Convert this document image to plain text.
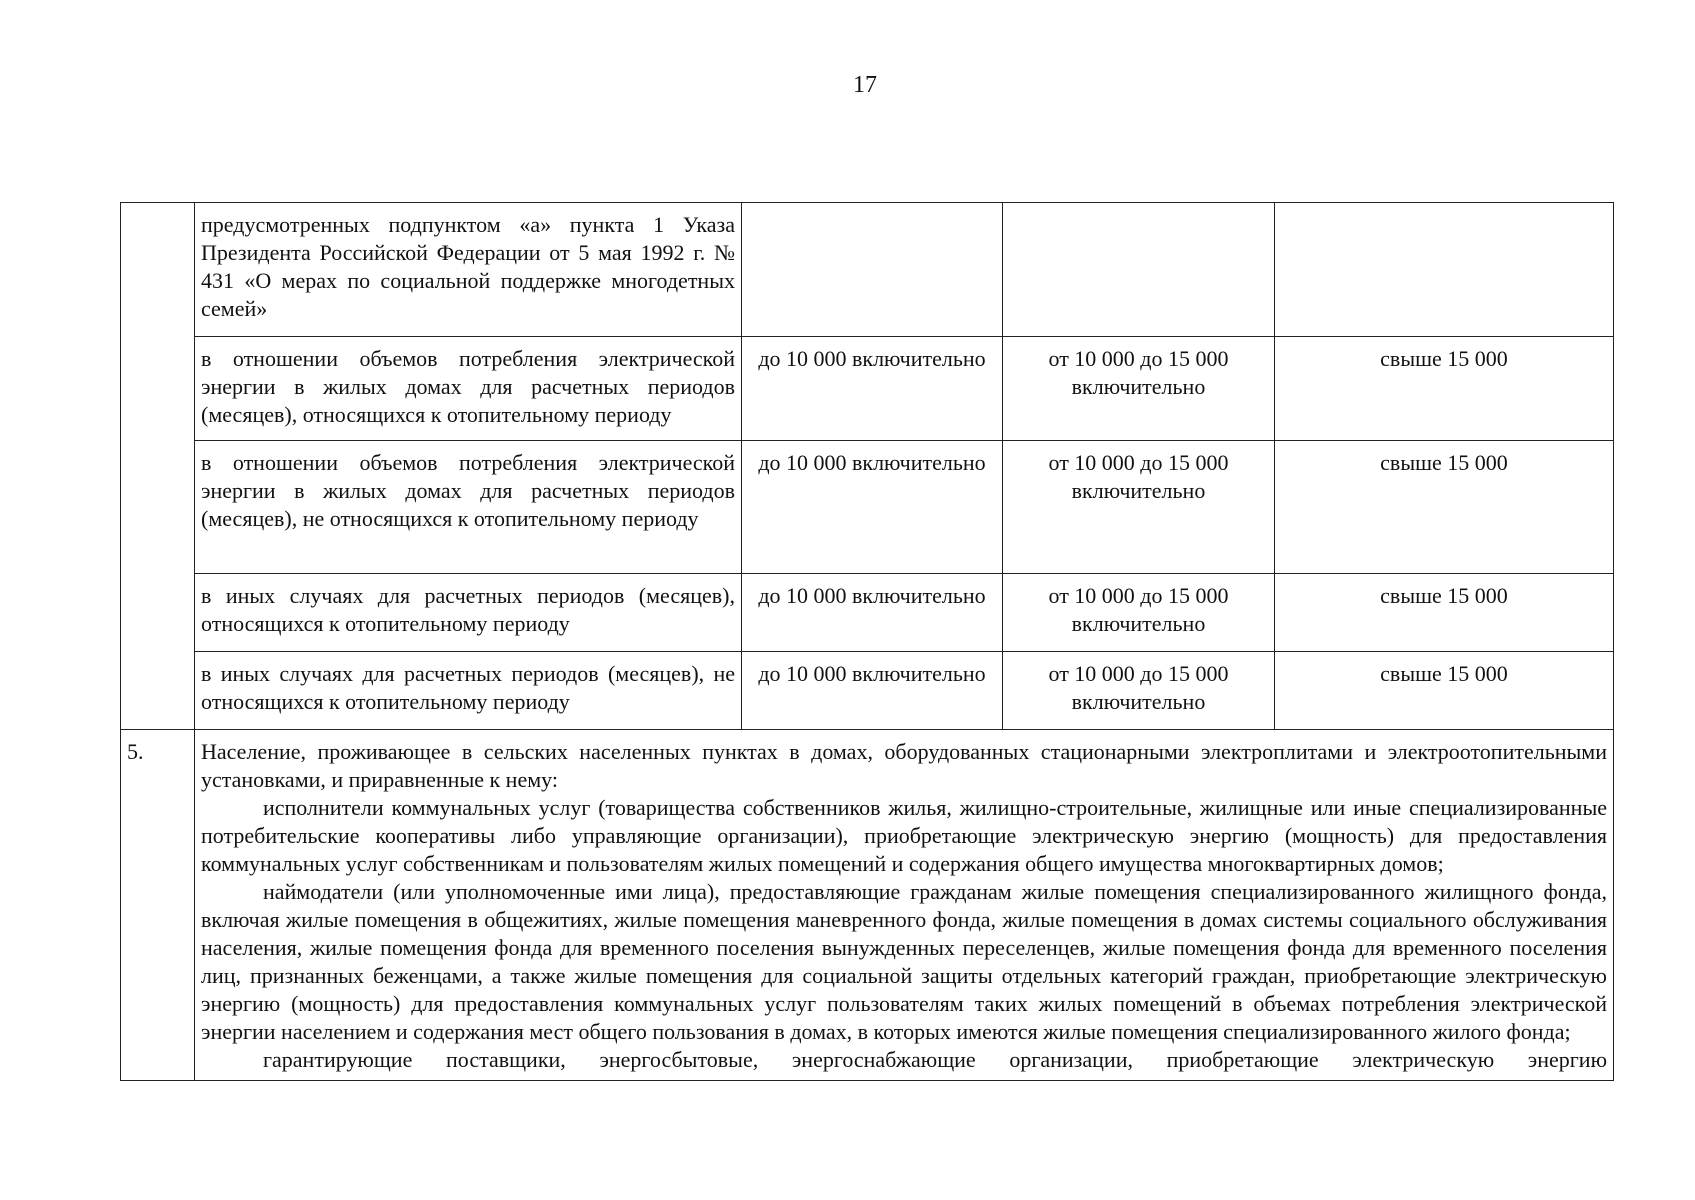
17
	предусмотренных подпунктом «а» пункта 1 Указа Президента Российской Федерации от 5 мая 1992 г. № 431 «О мерах по социальной поддержке многодетных семей»			
	в отношении объемов потребления электрической энергии в жилых домах для расчетных периодов (месяцев), относящихся к отопительному периоду	до 10 000 включительно	от 10 000 до 15 000 включительно	свыше 15 000
	в отношении объемов потребления электрической энергии в жилых домах для расчетных периодов (месяцев), не относящихся к отопительному периоду	до 10 000 включительно	от 10 000 до 15 000 включительно	свыше 15 000
	в иных случаях для расчетных периодов (месяцев), относящихся к отопительному периоду	до 10 000 включительно	от 10 000 до 15 000 включительно	свыше 15 000
	в иных случаях для расчетных периодов (месяцев), не относящихся к отопительному периоду	до 10 000 включительно	от 10 000 до 15 000 включительно	свыше 15 000
5.	Население, проживающее в сельских населенных пунктах в домах, оборудованных стационарными электроплитами и электроотопительными установками, и приравненные к нему:

исполнители коммунальных услуг (товарищества собственников жилья, жилищно-строительные, жилищные или иные специализированные потребительские кооперативы либо управляющие организации), приобретающие электрическую энергию (мощность) для предоставления коммунальных услуг собственникам и пользователям жилых помещений и содержания общего имущества многоквартирных домов;

наймодатели (или уполномоченные ими лица), предоставляющие гражданам жилые помещения специализированного жилищного фонда, включая жилые помещения в общежитиях, жилые помещения маневренного фонда, жилые помещения в домах системы социального обслуживания населения, жилые помещения фонда для временного поселения вынужденных переселенцев, жилые помещения фонда для временного поселения лиц, признанных беженцами, а также жилые помещения для социальной защиты отдельных категорий граждан, приобретающие электрическую энергию (мощность) для предоставления коммунальных услуг пользователям таких жилых помещений в объемах потребления электрической энергии населением и содержания мест общего пользования в домах, в которых имеются жилые помещения специализированного жилого фонда;

гарантирующие поставщики, энергосбытовые, энергоснабжающие организации, приобретающие электрическую энергию			
